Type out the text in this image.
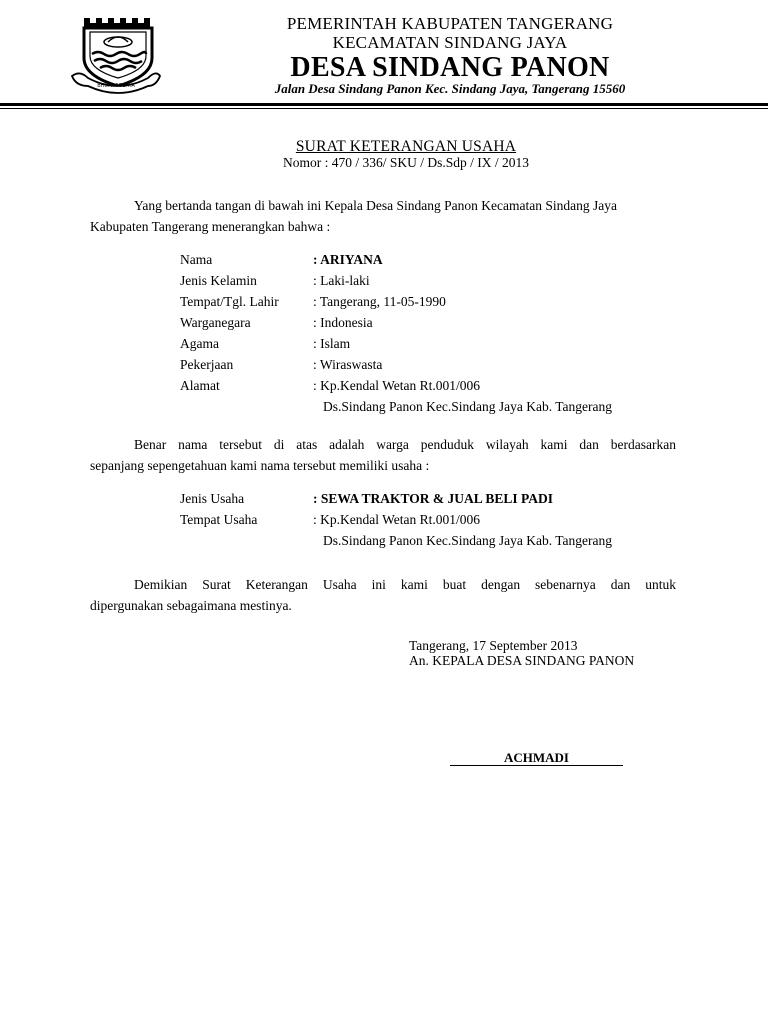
BHUMI POSAYA
PEMERINTAH KABUPATEN TANGERANG
KECAMATAN SINDANG JAYA
DESA SINDANG PANON
Jalan Desa Sindang Panon Kec. Sindang Jaya, Tangerang 15560
SURAT KETERANGAN USAHA
Nomor : 470 / 336/ SKU / Ds.Sdp / IX / 2013
Yang bertanda tangan di bawah ini Kepala Desa Sindang Panon Kecamatan Sindang Jaya
Kabupaten Tangerang menerangkan bahwa :
Nama	: ARIYANA
Jenis Kelamin	: Laki-laki
Tempat/Tgl. Lahir	: Tangerang, 11-05-1990
Warganegara	: Indonesia
Agama	: Islam
Pekerjaan	: Wiraswasta
Alamat	: Kp.Kendal Wetan Rt.001/006
Ds.Sindang Panon Kec.Sindang Jaya Kab. Tangerang
Benar nama tersebut di atas adalah warga penduduk wilayah kami dan berdasarkan
sepanjang sepengetahuan kami nama tersebut memiliki usaha :
Jenis Usaha	: SEWA TRAKTOR & JUAL BELI PADI
Tempat Usaha	: Kp.Kendal Wetan Rt.001/006
Ds.Sindang Panon Kec.Sindang Jaya Kab. Tangerang
Demikian Surat Keterangan Usaha ini kami buat dengan sebenarnya dan untuk
dipergunakan sebagaimana mestinya.
Tangerang, 17 September 2013
An. KEPALA DESA SINDANG PANON
ACHMADI
